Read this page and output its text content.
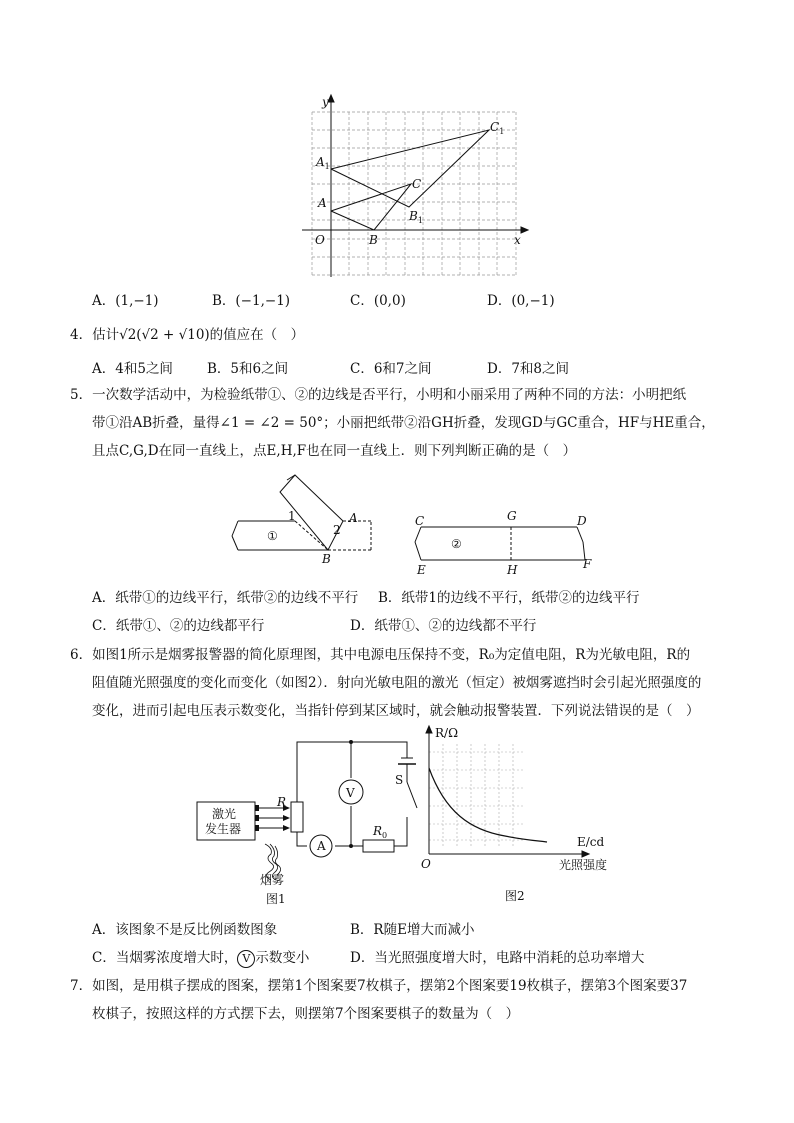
y
x
O
A
B
C
$A_1$
$B_1$
$C_1$
A．(1,−1)	B．(−1,−1)	C．(0,0)	D．(0,−1)
4．估计√2(√2 + √10)的值应在（　）
A．4和5之间	B．5和6之间	C．6和7之间	D．7和8之间
5．一次数学活动中，为检验纸带①、②的边线是否平行，小明和小丽采用了两种不同的方法：小明把纸
带①沿AB折叠，量得∠1 = ∠2 = 50°；小丽把纸带②沿GH折叠，发现GD与GC重合，HF与HE重合，
且点C,G,D在同一直线上，点E,H,F也在同一直线上．则下列判断正确的是（　）
①
②
1
2
A
B
C	G	D
E	H	F
A．纸带①的边线平行，纸带②的边线不平行 B．纸带1的边线不平行，纸带②的边线平行
C．纸带①、②的边线都平行	D．纸带①、②的边线都不平行
6．如图1所示是烟雾报警器的简化原理图，其中电源电压保持不变，R₀为定值电阻，R为光敏电阻，R的
阻值随光照强度的变化而变化（如图2）．射向光敏电阻的激光（恒定）被烟雾遮挡时会引起光照强度的
变化，进而引起电压表示数变化，当指针停到某区域时，就会触动报警装置．下列说法错误的是（　）
激光
发生器
R
A
V
$R_0$
S
烟雾
图1
R/Ω
E/cd
O	光照强度
图2
A．该图象不是反比例函数图象	B．R随E增大而减小
C．当烟雾浓度增大时， V 示数变小	D．当光照强度增大时，电路中消耗的总功率增大
7．如图，是用棋子摆成的图案，摆第1个图案要7枚棋子，摆第2个图案要19枚棋子，摆第3个图案要37
枚棋子，按照这样的方式摆下去，则摆第7个图案要棋子的数量为（　）
